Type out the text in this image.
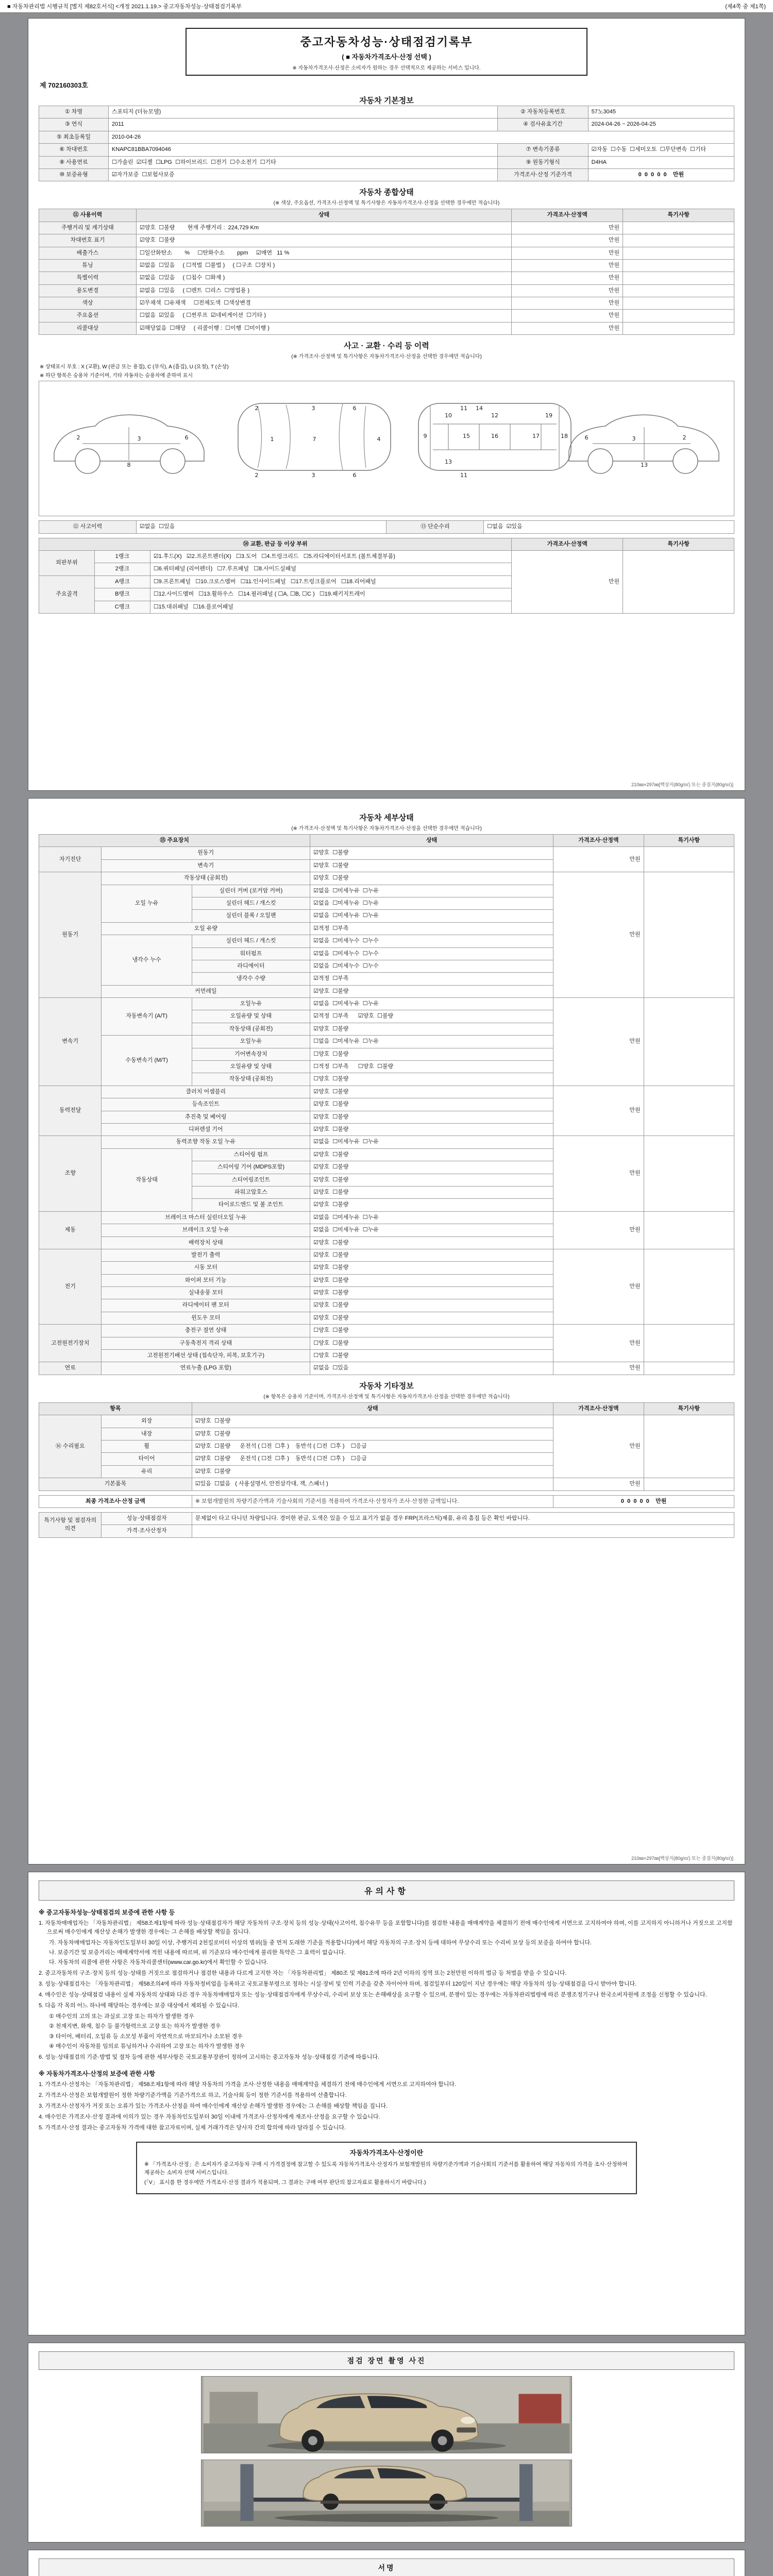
■ 자동차관리법 시행규칙 [별지 제82호서식] <개정 2021.1.19.> 중고자동차성능·상태점검기록부	(제4쪽 중 제1쪽)
중고자동차성능·상태점검기록부
( ■ 자동차가격조사·산정 선택 )
※ 자동차가격조사·산정은 소비자가 원하는 경우 선택적으로 제공하는 서비스 입니다.
제 702160303호
자동차 기본정보
① 차명	스포티지 (더뉴모델)	② 자동차등록번호	57노3045
③ 연식	2011	④ 검사유효기간	2024-04-26 ~ 2026-04-25
⑤ 최초등록일	2010-04-26		
⑥ 차대번호	KNAPC81BBA7094046	⑦ 변속기종류	☑자동  ☐수동  ☐세미오토  ☐무단변속  ☐기타
⑧ 사용연료	☐가솔린  ☑디젤  ☐LPG  ☐하이브리드  ☐전기  ☐수소전기  ☐기타	⑨ 원동기형식	D4HA
⑩ 보증유형	☑자가보증  ☐보험사보증	가격조사·산정 기준가격	0  0  0  0  0    만원
자동차 종합상태
(※ 색상, 주요옵션, 가격조사·산정액 및 특기사항은 자동차가격조사·산정을 선택한 경우에만 적습니다)
⑪ 사용이력	상태	가격조사·산정액	특기사항
주행거리 및 계기상태	☑양호  ☐불량        현재 주행거리 :  224,729 Km	만원	
차대번호 표기	☑양호  ☐불량	만원	
배출가스	☐일산화탄소        %     ☐탄화수소        ppm     ☑매연   11 %	만원	
튜닝	☑없음  ☐있음     ( ☐적법  ☐불법 )     ( ☐구조  ☐장치 )	만원	
특별이력	☑없음  ☐있음     ( ☐침수  ☐화재 )	만원	
용도변경	☑없음  ☐있음     ( ☐렌트  ☐리스  ☐영업용 )	만원	
색상	☑무채색  ☐유채색     ☐전체도색  ☐색상변경	만원	
주요옵션	☐없음  ☑있음     ( ☐썬루프  ☑네비게이션  ☐기타 )	만원	
리콜대상	☑해당없음  ☐해당     ( 리콜이행 :  ☐이행  ☐미이행 )	만원	
사고 · 교환 · 수리 등 이력
(※ 가격조사·산정액 및 특기사항은 자동차가격조사·산정을 선택한 경우에만 적습니다)
※ 상태표시 부호 : X (교환), W (판금 또는 용접), C (부식), A (흠집), U (요철), T (손상)
※ 하단 항목은 승용차 기준이며, 기타 자동차는 승용차에 준하여 표시
2	3	6
8
1	7	4
2
2
3
3
6
6
9
10
11
11
12
13
14
15	16	17	18
19
2
3
6
13
⑫ 사고이력	☑없음  ☐있음	⑬ 단순수리	☐없음  ☑있음
⑭ 교환, 판금 등 이상 부위			가격조사·산정액	특기사항
외판부위	1랭크	☑1.후드(X)   ☑2.프론트펜더(X)   ☐3.도어   ☐4.트렁크리드   ☐5.라디에이터서포트 (볼트체결부품)	만원	
	2랭크	☐6.쿼터패널 (리어펜더)   ☐7.루프패널   ☐8.사이드실패널		
주요골격	A랭크	☐9.프론트패널   ☐10.크로스멤버   ☐11.인사이드패널   ☐17.트렁크플로어   ☐18.리어패널		
	B랭크	☐12.사이드멤버   ☐13.휠하우스   ☐14.필러패널 ( ☐A, ☐B, ☐C )   ☐19.패키지트레이		
	C랭크	☐15.대쉬패널   ☐16.플로어패널		
210㎜×297㎜[백상지(80g/㎡) 또는 중질지(80g/㎡)]
자동차 세부상태
(※ 가격조사·산정액 및 특기사항은 자동차가격조사·산정을 선택한 경우에만 적습니다)
⑮ 주요장치			상태	가격조사·산정액	특기사항
자기진단	원동기		☑양호  ☐불량	만원	
	변속기		☑양호  ☐불량		
원동기	작동상태 (공회전)		☑양호  ☐불량	만원	
	오일 누유	실린더 커버 (로커암 커버)	☑없음  ☐미세누유  ☐누유		
		실린더 헤드 / 개스킷	☑없음  ☐미세누유  ☐누유		
		실린더 블록 / 오일팬	☑없음  ☐미세누유  ☐누유		
	오일 유량		☑적정  ☐부족		
	냉각수 누수	실린더 헤드 / 개스킷	☑없음  ☐미세누수  ☐누수		
		워터펌프	☑없음  ☐미세누수  ☐누수		
		라디에이터	☑없음  ☐미세누수  ☐누수		
		냉각수 수량	☑적정  ☐부족		
	커먼레일		☑양호  ☐불량		
변속기	자동변속기 (A/T)	오일누유	☑없음  ☐미세누유  ☐누유	만원	
		오일유량 및 상태	☑적정  ☐부족      ☑양호  ☐불량		
		작동상태 (공회전)	☑양호  ☐불량		
	수동변속기 (M/T)	오일누유	☐없음  ☐미세누유  ☐누유		
		기어변속장치	☐양호  ☐불량		
		오일유량 및 상태	☐적정  ☐부족      ☐양호  ☐불량		
		작동상태 (공회전)	☐양호  ☐불량		
동력전달	클러치 어셈블리		☑양호  ☐불량	만원	
	등속조인트		☑양호  ☐불량		
	추진축 및 베어링		☑양호  ☐불량		
	디퍼렌셜 기어		☑양호  ☐불량		
조향	동력조향 작동 오일 누유		☑없음  ☐미세누유  ☐누유	만원	
	작동상태	스티어링 펌프	☑양호  ☐불량		
		스티어링 기어 (MDPS포함)	☑양호  ☐불량		
		스티어링조인트	☑양호  ☐불량		
		파워고압호스	☑양호  ☐불량		
		타이로드엔드 및 볼 조인트	☑양호  ☐불량		
제동	브레이크 마스터 실린더오일 누유		☑없음  ☐미세누유  ☐누유	만원	
	브레이크 오일 누유		☑없음  ☐미세누유  ☐누유		
	배력장치 상태		☑양호  ☐불량		
전기	발전기 출력		☑양호  ☐불량	만원	
	시동 모터		☑양호  ☐불량		
	와이퍼 모터 기능		☑양호  ☐불량		
	실내송풍 모터		☑양호  ☐불량		
	라디에이터 팬 모터		☑양호  ☐불량		
	윈도우 모터		☑양호  ☐불량		
고전원전기장치	충전구 절연 상태		☐양호  ☐불량	만원	
	구동축전지 격리 상태		☐양호  ☐불량		
	고전원전기배선 상태 (접속단자, 피복, 보호기구)		☐양호  ☐불량		
연료	연료누출 (LPG 포함)		☑없음  ☐있음	만원	
자동차 기타정보
(※ 항목은 승용차 기준이며, 가격조사·산정액 및 특기사항은 자동차가격조사·산정을 선택한 경우에만 적습니다)
항목		상태	가격조사·산정액	특기사항
⑯ 수리필요	외장	☑양호  ☐불량	만원	
	내장	☑양호  ☐불량		
	휠	☑양호  ☐불량      운전석 ( ☐전  ☐후 )    동반석 ( ☐전  ☐후 )    ☐응급		
	타이어	☑양호  ☐불량      운전석 ( ☐전  ☐후 )    동반석 ( ☐전  ☐후 )    ☐응급		
	유리	☑양호  ☐불량		
기본품목		☑있음  ☐없음   ( 사용설명서, 안전삼각대, 잭, 스패너 )	만원	
최종 가격조사·산정 금액	※ 보험개발원의 차량기준가액과 기술사회의 기준서를 적용하여 가격조사·산정자가 조사·산정한 금액입니다.	0  0  0  0  0    만원
특기사항 및 점검자의 의견	성능·상태점검자	문제없이 타고 다니던 차량입니다. 경미한 판금, 도색은 있을 수 있고 표기가 없을 경우 FRP(프라스틱)제품, 유리 흠집 등은 확인 바랍니다.
	가격·조사산정자	
210㎜×297㎜[백상지(80g/㎡) 또는 중질지(80g/㎡)]
유의사항
※ 중고자동차성능·상태점검의 보증에 관한 사항 등
1. 자동차매매업자는 「자동차관리법」 제58조제1항에 따라 성능·상태점검자가 해당 자동차의 구조·장치 등의 성능·상태(사고이력, 침수유무 등을 포함합니다)를 점검한 내용을 매매계약을 체결하기 전에 매수인에게 서면으로 고지하여야 하며, 이를 고지하지 아니하거나 거짓으로 고지함으로써 매수인에게 재산상 손해가 발생한 경우에는 그 손해를 배상할 책임을 집니다.
가. 자동차매매업자는 자동차인도일부터 30일 이상, 주행거리 2천킬로미터 이상의 범위(둘 중 먼저 도래한 기준을 적용합니다)에서 해당 자동차의 구조·장치 등에 대하여 무상수리 또는 수리비 보상 등의 보증을 하여야 합니다.
나. 보증기간 및 보증거리는 매매계약서에 적힌 내용에 따르며, 위 기준보다 매수인에게 불리한 특약은 그 효력이 없습니다.
다. 자동차의 리콜에 관한 사항은 자동차리콜센터(www.car.go.kr)에서 확인할 수 있습니다.
2. 중고자동차의 구조·장치 등의 성능·상태를 거짓으로 점검하거나 점검한 내용과 다르게 고지한 자는 「자동차관리법」 제80조 및 제81조에 따라 2년 이하의 징역 또는 2천만원 이하의 벌금 등 처벌을 받을 수 있습니다.
3. 성능·상태점검자는 「자동차관리법」 제58조의4에 따라 자동차정비업을 등록하고 국토교통부령으로 정하는 시설·장비 및 인력 기준을 갖춘 자이어야 하며, 점검일부터 120일이 지난 경우에는 해당 자동차의 성능·상태점검을 다시 받아야 합니다.
4. 매수인은 성능·상태점검 내용이 실제 자동차의 상태와 다른 경우 자동차매매업자 또는 성능·상태점검자에게 무상수리, 수리비 보상 또는 손해배상을 요구할 수 있으며, 분쟁이 있는 경우에는 자동차관리법령에 따른 분쟁조정기구나 한국소비자원에 조정을 신청할 수 있습니다.
5. 다음 각 목의 어느 하나에 해당하는 경우에는 보증 대상에서 제외될 수 있습니다.
① 매수인의 고의 또는 과실로 고장 또는 하자가 발생한 경우
② 천재지변, 화재, 침수 등 불가항력으로 고장 또는 하자가 발생한 경우
③ 타이어, 배터리, 오일류 등 소모성 부품이 자연적으로 마모되거나 소모된 경우
④ 매수인이 자동차를 임의로 튜닝하거나 수리하여 고장 또는 하자가 발생한 경우
6. 성능·상태점검의 기준·방법 및 절차 등에 관한 세부사항은 국토교통부장관이 정하여 고시하는 중고자동차 성능·상태점검 기준에 따릅니다.
※ 자동차가격조사·산정의 보증에 관한 사항
1. 가격조사·산정자는 「자동차관리법」 제58조제1항에 따라 해당 자동차의 가격을 조사·산정한 내용을 매매계약을 체결하기 전에 매수인에게 서면으로 고지하여야 합니다.
2. 가격조사·산정은 보험개발원이 정한 차량기준가액을 기준가격으로 하고, 기술사회 등이 정한 기준서를 적용하여 산출합니다.
3. 가격조사·산정자가 거짓 또는 오류가 있는 가격조사·산정을 하여 매수인에게 재산상 손해가 발생한 경우에는 그 손해를 배상할 책임을 집니다.
4. 매수인은 가격조사·산정 결과에 이의가 있는 경우 자동차인도일부터 30일 이내에 가격조사·산정자에게 재조사·산정을 요구할 수 있습니다.
5. 가격조사·산정 결과는 중고자동차 가격에 대한 참고자료이며, 실제 거래가격은 당사자 간의 합의에 따라 달라질 수 있습니다.
자동차가격조사·산정이란
※ 「가격조사·산정」은 소비자가 중고자동차 구매 시 가격결정에 참고할 수 있도록 자동차가격조사·산정자가 보험개발원의 차량기준가액과 기술사회의 기준서를 활용하여 해당 자동차의 가격을 조사·산정하여 제공하는 소비자 선택 서비스입니다.
(「V」 표시를 한 경우에만 가격조사·산정 결과가 적용되며, 그 결과는 구매 여부 판단의 참고자료로 활용하시기 바랍니다.)
점검 장면 촬영 사진
서명
